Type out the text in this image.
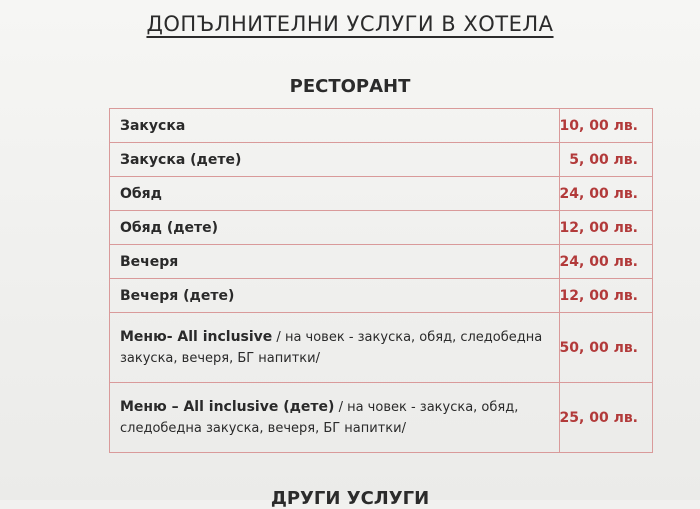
ДОПЪЛНИТЕЛНИ УСЛУГИ В ХОТЕЛА
РЕСТОРАНТ
Закуска	10, 00 лв.
Закуска (дете)	5, 00 лв.
Обяд	24, 00 лв.
Обяд (дете)	12, 00 лв.
Вечеря	24, 00 лв.
Вечеря (дете)	12, 00 лв.
Меню- All inclusive / на човек - закуска, обяд, следобедна закуска, вечеря, БГ напитки/	50, 00 лв.
Меню – All inclusive (дете) / на човек - закуска, обяд, следобедна закуска, вечеря, БГ напитки/	25, 00 лв.
ДРУГИ УСЛУГИ
